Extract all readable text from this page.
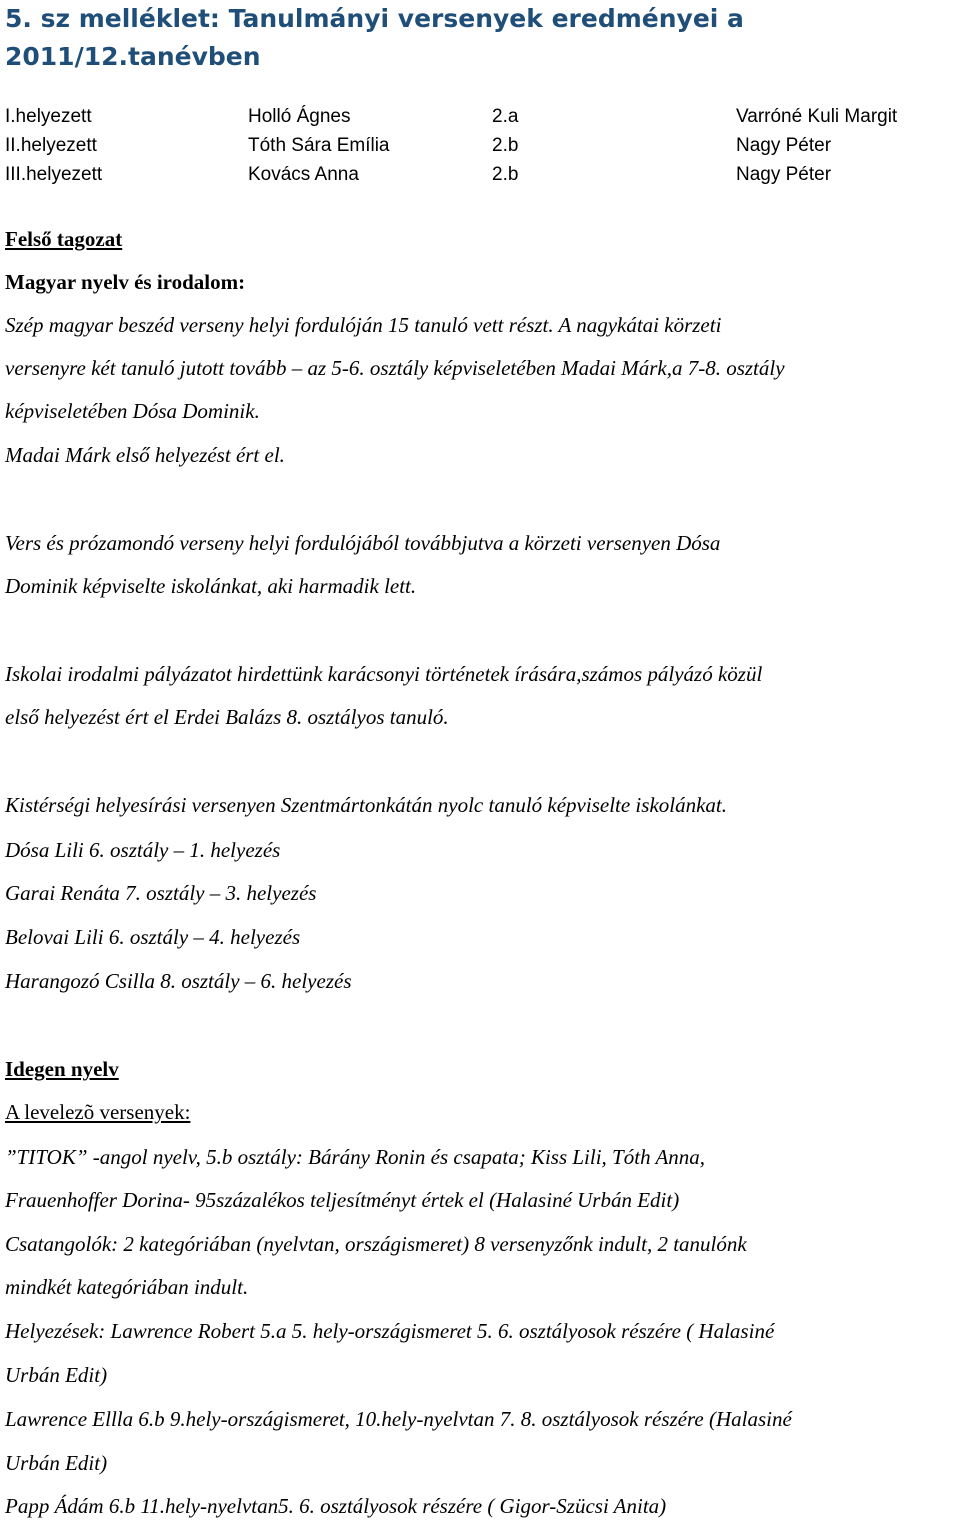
5. sz melléklet: Tanulmányi versenyek eredményei a 2011/12.tanévben
I.helyezett	Holló Ágnes	2.a	Varróné Kuli Margit
II.helyezett	Tóth Sára Emília	2.b	Nagy Péter
III.helyezett	Kovács Anna	2.b	Nagy Péter
Felső tagozat
Magyar nyelv és irodalom:
Szép magyar beszéd verseny helyi fordulóján 15 tanuló vett részt. A nagykátai körzeti
versenyre két tanuló jutott tovább – az 5-6. osztály képviseletében Madai Márk,a 7-8. osztály
képviseletében Dósa Dominik.
Madai Márk első helyezést ért el.
Vers és prózamondó verseny helyi fordulójából továbbjutva a körzeti versenyen Dósa
Dominik képviselte iskolánkat, aki harmadik lett.
Iskolai irodalmi pályázatot hirdettünk karácsonyi történetek írására,számos pályázó közül
első helyezést ért el Erdei Balázs 8. osztályos tanuló.
Kistérségi helyesírási versenyen Szentmártonkátán nyolc tanuló képviselte iskolánkat.
Dósa Lili 6. osztály – 1. helyezés
Garai Renáta 7. osztály – 3. helyezés
Belovai Lili 6. osztály – 4. helyezés
Harangozó Csilla 8. osztály – 6. helyezés
Idegen nyelv
A levelezõ versenyek:
”TITOK” -angol nyelv, 5.b osztály: Bárány Ronin és csapata; Kiss Lili, Tóth Anna,
Frauenhoffer Dorina- 95százalékos teljesítményt értek el (Halasiné Urbán Edit)
Csatangolók: 2 kategóriában (nyelvtan, országismeret) 8 versenyzőnk indult, 2 tanulónk
mindkét kategóriában indult.
Helyezések: Lawrence Robert 5.a 5. hely-országismeret 5. 6. osztályosok részére ( Halasiné
Urbán Edit)
Lawrence Ellla 6.b 9.hely-országismeret, 10.hely-nyelvtan 7. 8. osztályosok részére (Halasiné
Urbán Edit)
Papp Ádám 6.b 11.hely-nyelvtan5. 6. osztályosok részére ( Gigor-Szücsi Anita)
